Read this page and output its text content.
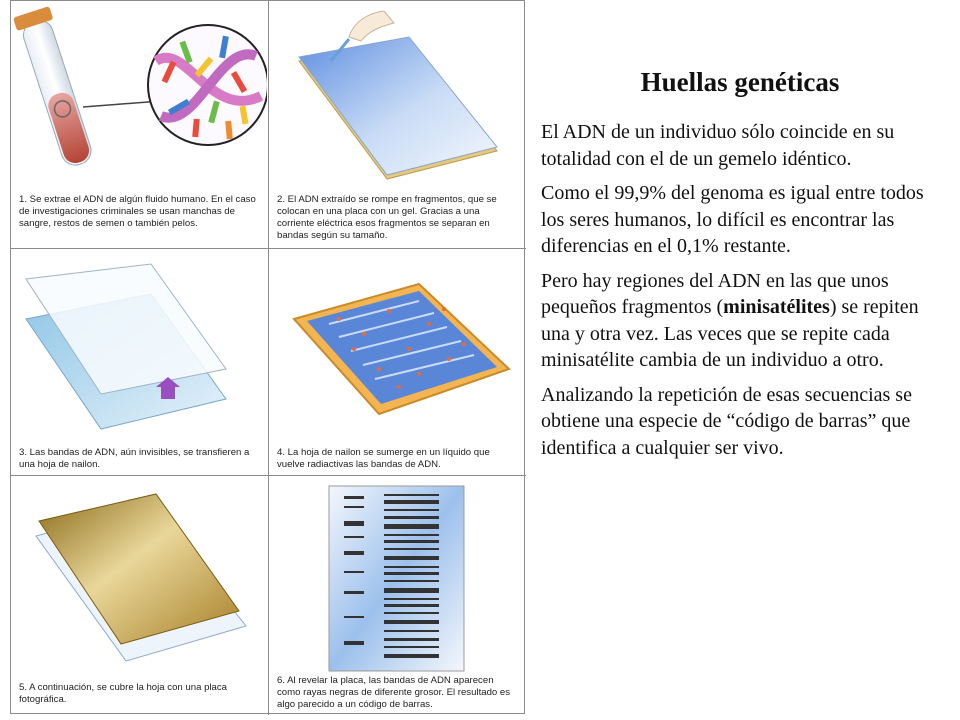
1. Se extrae el ADN de algún fluido humano. En el caso de investigaciones criminales se usan manchas de sangre, restos de semen o también pelos.
2. El ADN extraído se rompe en fragmentos, que se colocan en una placa con un gel. Gracias a una corriente eléctrica esos fragmentos se separan en bandas según su tamaño.
3. Las bandas de ADN, aún invisibles, se transfieren a una hoja de nailon.
4. La hoja de nailon se sumerge en un líquido que vuelve radiactivas las bandas de ADN.
5. A continuación, se cubre la hoja con una placa fotográfica.
6. Al revelar la placa, las bandas de ADN aparecen como rayas negras de diferente grosor. El resultado es algo parecido a un código de barras.
Huellas genéticas

El ADN de un individuo sólo coincide en su totalidad con el de un gemelo idéntico.

Como el 99,9% del genoma es igual entre todos los seres humanos, lo difícil es encontrar las diferencias en el 0,1% restante.

Pero hay regiones del ADN en las que unos pequeños fragmentos (minisatélites) se repiten una y otra vez. Las veces que se repite cada minisatélite cambia de un individuo a otro.

Analizando la repetición de esas secuencias se obtiene una especie de “código de barras” que identifica a cualquier ser vivo.
